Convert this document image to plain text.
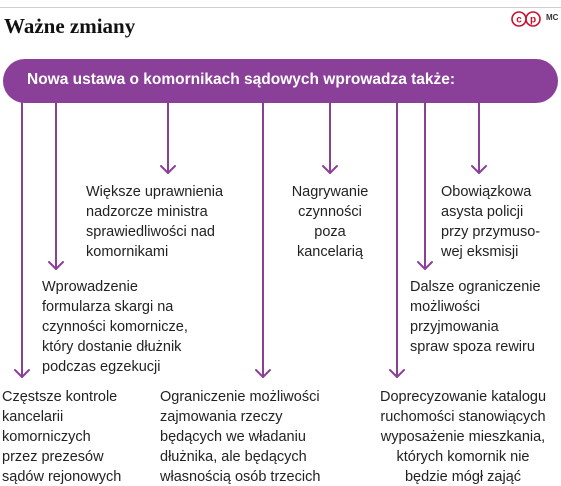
Ważne zmiany	c p MC
Nowa ustawa o komornikach sądowych wprowadza także:
Częstsze kontrole
kancelarii
komorniczych
przez prezesów
sądów rejonowych
Wprowadzenie
formularza skargi na
czynności komornicze,
który dostanie dłużnik
podczas egzekucji
Większe uprawnienia
nadzorcze ministra
sprawiedliwości nad
komornikami
Ograniczenie możliwości
zajmowania rzeczy
będących we władaniu
dłużnika, ale będących
własnością osób trzecich
Nagrywanie
czynności
poza
kancelarią
Doprecyzowanie katalogu
ruchomości stanowiących
wyposażenie mieszkania,
których komornik nie
będzie mógł zająć
Dalsze ograniczenie
możliwości
przyjmowania
spraw spoza rewiru
Obowiązkowa
asysta policji
przy przymuso-
wej eksmisji
